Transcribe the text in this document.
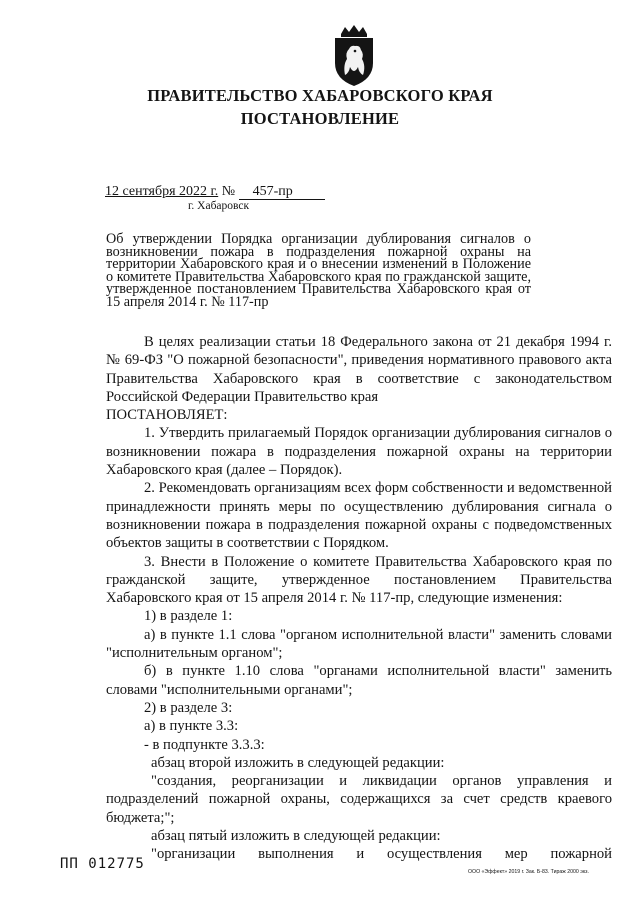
ПРАВИТЕЛЬСТВО ХАБАРОВСКОГО КРАЯ
ПОСТАНОВЛЕНИЕ
12 сентября 2022 г. № 457-пр
г. Хабаровск
Об утверждении Порядка организации дублирования сигналов о возникновении пожара в подразделения пожарной охраны на территории Хабаровского края и о внесении изменений в Положение о комитете Правительства Хабаровского края по гражданской защите, утвержденное постановлением Правительства Хабаровского края от 15 апреля 2014 г. № 117-пр

В целях реализации статьи 18 Федерального закона от 21 декабря 1994 г. № 69-ФЗ "О пожарной безопасности", приведения нормативного правового акта Правительства Хабаровского края в соответствие с законодательством Российской Федерации Правительство края

ПОСТАНОВЛЯЕТ:

1. Утвердить прилагаемый Порядок организации дублирования сигналов о возникновении пожара в подразделения пожарной охраны на территории Хабаровского края (далее – Порядок).

2. Рекомендовать организациям всех форм собственности и ведомственной принадлежности принять меры по осуществлению дублирования сигнала о возникновении пожара в подразделения пожарной охраны с подведомственных объектов защиты в соответствии с Порядком.

3. Внести в Положение о комитете Правительства Хабаровского края по гражданской защите, утвержденное постановлением Правительства Хабаровского края от 15 апреля 2014 г. № 117-пр, следующие изменения:

1) в разделе 1:

а) в пункте 1.1 слова "органом исполнительной власти" заменить словами "исполнительным органом";

б) в пункте 1.10 слова "органами исполнительной власти" заменить словами "исполнительными органами";

2) в разделе 3:

а) в пункте 3.3:

- в подпункте 3.3.3:

абзац второй изложить в следующей редакции:

"создания, реорганизации и ликвидации органов управления и подразделений пожарной охраны, содержащихся за счет средств краевого бюджета;";

абзац пятый изложить в следующей редакции:

"организации выполнения и осуществления мер пожарной

ПП 012775	ООО «Эффект» 2019 г. Зак. Б-83. Тираж 2000 экз.
